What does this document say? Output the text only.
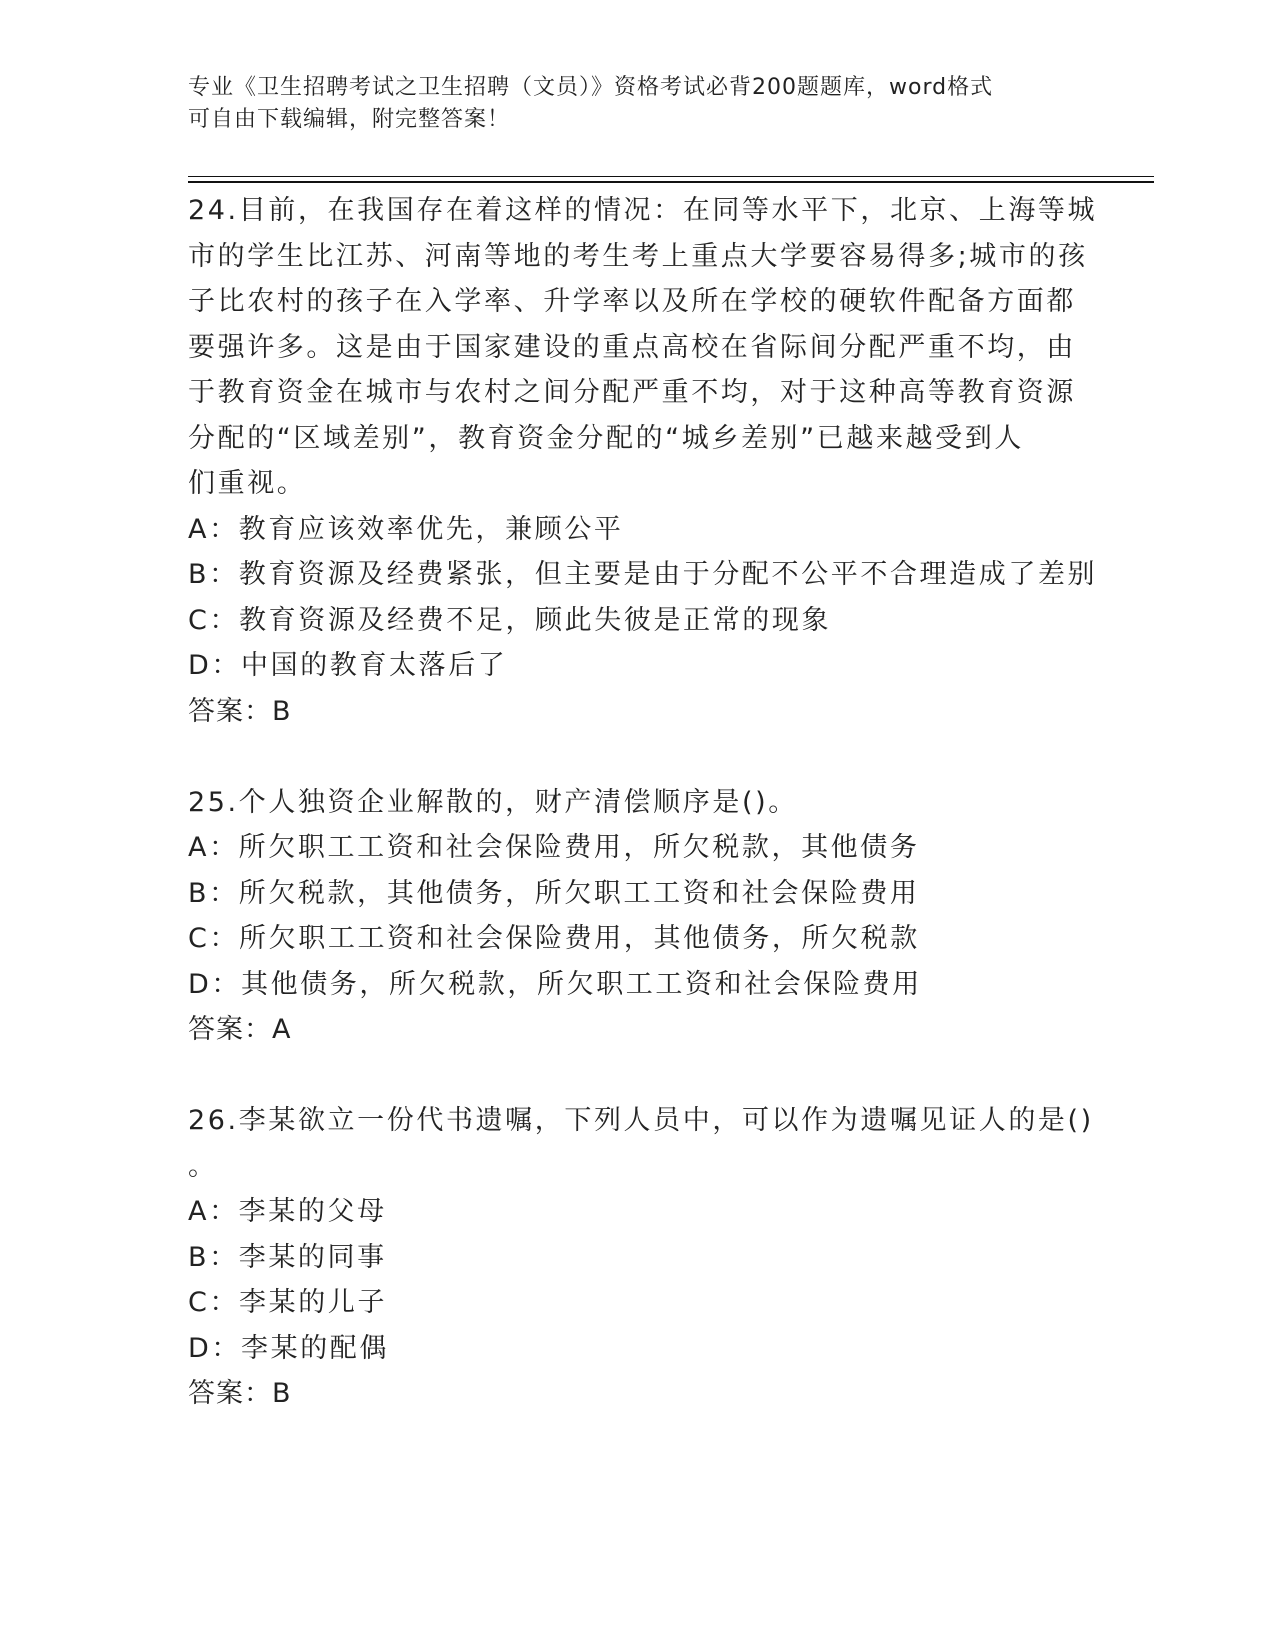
专业《卫生招聘考试之卫生招聘（文员）》资格考试必背200题题库，word格式
可自由下载编辑，附完整答案！
24.目前，在我国存在着这样的情况：在同等水平下，北京、上海等城
市的学生比江苏、河南等地的考生考上重点大学要容易得多;城市的孩
子比农村的孩子在入学率、升学率以及所在学校的硬软件配备方面都
要强许多。这是由于国家建设的重点高校在省际间分配严重不均，由
于教育资金在城市与农村之间分配严重不均，对于这种高等教育资源
分配的“区域差别”，教育资金分配的“城乡差别”已越来越受到人
们重视。
A：教育应该效率优先，兼顾公平
B：教育资源及经费紧张，但主要是由于分配不公平不合理造成了差别
C：教育资源及经费不足，顾此失彼是正常的现象
D：中国的教育太落后了
答案：B
25.个人独资企业解散的，财产清偿顺序是()。
A：所欠职工工资和社会保险费用，所欠税款，其他债务
B：所欠税款，其他债务，所欠职工工资和社会保险费用
C：所欠职工工资和社会保险费用，其他债务，所欠税款
D：其他债务，所欠税款，所欠职工工资和社会保险费用
答案：A
26.李某欲立一份代书遗嘱，下列人员中，可以作为遗嘱见证人的是()
。
A：李某的父母
B：李某的同事
C：李某的儿子
D：李某的配偶
答案：B
